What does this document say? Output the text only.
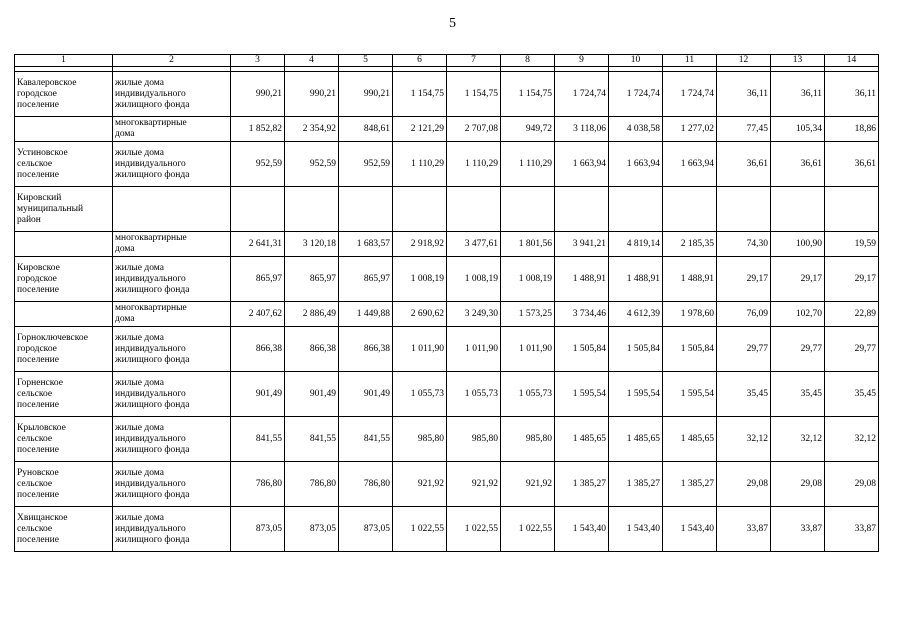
5
1	2	3	4	5	6	7	8	9	10	11	12	13	14

Кавалеровское
городское
поселение	жилые дома
индивидуального
жилищного фонда	990,21	990,21	990,21	1 154,75	1 154,75	1 154,75	1 724,74	1 724,74	1 724,74	36,11	36,11	36,11
	многоквартирные
дома	1 852,82	2 354,92	848,61	2 121,29	2 707,08	949,72	3 118,06	4 038,58	1 277,02	77,45	105,34	18,86
Устиновское
сельское
поселение	жилые дома
индивидуального
жилищного фонда	952,59	952,59	952,59	1 110,29	1 110,29	1 110,29	1 663,94	1 663,94	1 663,94	36,61	36,61	36,61
Кировский
муниципальный
район													
	многоквартирные
дома	2 641,31	3 120,18	1 683,57	2 918,92	3 477,61	1 801,56	3 941,21	4 819,14	2 185,35	74,30	100,90	19,59
Кировское
городское
поселение	жилые дома
индивидуального
жилищного фонда	865,97	865,97	865,97	1 008,19	1 008,19	1 008,19	1 488,91	1 488,91	1 488,91	29,17	29,17	29,17
	многоквартирные
дома	2 407,62	2 886,49	1 449,88	2 690,62	3 249,30	1 573,25	3 734,46	4 612,39	1 978,60	76,09	102,70	22,89
Горноключевское
городское
поселение	жилые дома
индивидуального
жилищного фонда	866,38	866,38	866,38	1 011,90	1 011,90	1 011,90	1 505,84	1 505,84	1 505,84	29,77	29,77	29,77
Горненское
сельское
поселение	жилые дома
индивидуального
жилищного фонда	901,49	901,49	901,49	1 055,73	1 055,73	1 055,73	1 595,54	1 595,54	1 595,54	35,45	35,45	35,45
Крыловское
сельское
поселение	жилые дома
индивидуального
жилищного фонда	841,55	841,55	841,55	985,80	985,80	985,80	1 485,65	1 485,65	1 485,65	32,12	32,12	32,12
Руновское
сельское
поселение	жилые дома
индивидуального
жилищного фонда	786,80	786,80	786,80	921,92	921,92	921,92	1 385,27	1 385,27	1 385,27	29,08	29,08	29,08
Хвищанское
сельское
поселение	жилые дома
индивидуального
жилищного фонда	873,05	873,05	873,05	1 022,55	1 022,55	1 022,55	1 543,40	1 543,40	1 543,40	33,87	33,87	33,87
